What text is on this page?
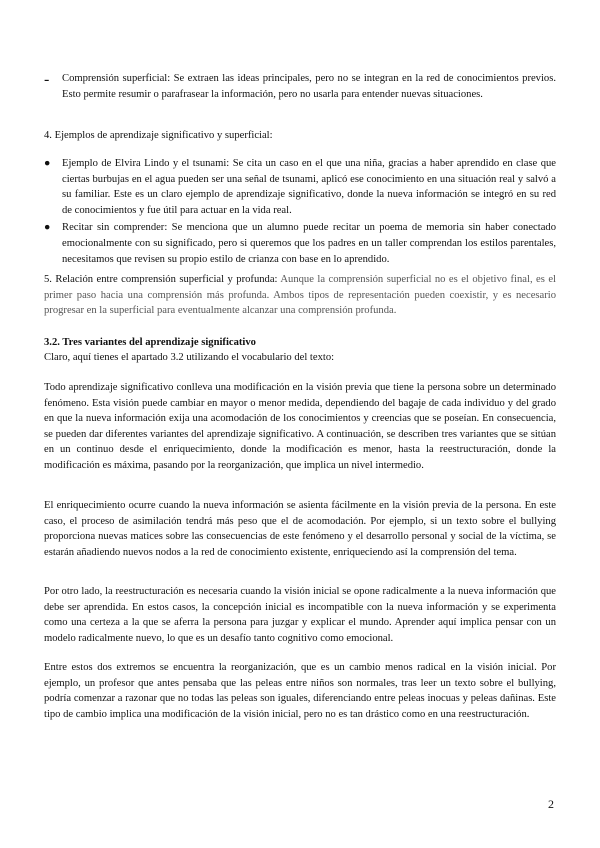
- Comprensión superficial: Se extraen las ideas principales, pero no se integran en la red de conocimientos previos. Esto permite resumir o parafrasear la información, pero no usarla para entender nuevas situaciones.

4. Ejemplos de aprendizaje significativo y superficial:

● Ejemplo de Elvira Lindo y el tsunami: Se cita un caso en el que una niña, gracias a haber aprendido en clase que ciertas burbujas en el agua pueden ser una señal de tsunami, aplicó ese conocimiento en una situación real y salvó a su familiar. Este es un claro ejemplo de aprendizaje significativo, donde la nueva información se integró en su red de conocimientos y fue útil para actuar en la vida real.
● Recitar sin comprender: Se menciona que un alumno puede recitar un poema de memoria sin haber conectado emocionalmente con su significado, pero si queremos que los padres en un taller comprendan los estilos parentales, necesitamos que revisen su propio estilo de crianza con base en lo aprendido.

5. Relación entre comprensión superficial y profunda: Aunque la comprensión superficial no es el objetivo final, es el primer paso hacia una comprensión más profunda. Ambos tipos de representación pueden coexistir, y es necesario progresar en la superficial para eventualmente alcanzar una comprensión profunda.

3.2. Tres variantes del aprendizaje significativo

Claro, aquí tienes el apartado 3.2 utilizando el vocabulario del texto:

Todo aprendizaje significativo conlleva una modificación en la visión previa que tiene la persona sobre un determinado fenómeno. Esta visión puede cambiar en mayor o menor medida, dependiendo del bagaje de cada individuo y del grado en que la nueva información exija una acomodación de los conocimientos y creencias que se poseían. En consecuencia, se pueden dar diferentes variantes del aprendizaje significativo. A continuación, se describen tres variantes que se sitúan en un continuo desde el enriquecimiento, donde la modificación es menor, hasta la reestructuración, donde la modificación es máxima, pasando por la reorganización, que implica un nivel intermedio.

El enriquecimiento ocurre cuando la nueva información se asienta fácilmente en la visión previa de la persona. En este caso, el proceso de asimilación tendrá más peso que el de acomodación. Por ejemplo, si un texto sobre el bullying proporciona nuevas matices sobre las consecuencias de este fenómeno y el desarrollo personal y social de la víctima, se estarán añadiendo nuevos nodos a la red de conocimiento existente, enriqueciendo así la comprensión del tema.

Por otro lado, la reestructuración es necesaria cuando la visión inicial se opone radicalmente a la nueva información que debe ser aprendida. En estos casos, la concepción inicial es incompatible con la nueva información y se experimenta como una certeza a la que se aferra la persona para juzgar y explicar el mundo. Aprender aquí implica pensar con un modelo radicalmente nuevo, lo que es un desafío tanto cognitivo como emocional.

Entre estos dos extremos se encuentra la reorganización, que es un cambio menos radical en la visión inicial. Por ejemplo, un profesor que antes pensaba que las peleas entre niños son normales, tras leer un texto sobre el bullying, podría comenzar a razonar que no todas las peleas son iguales, diferenciando entre peleas inocuas y peleas dañinas. Este tipo de cambio implica una modificación de la visión inicial, pero no es tan drástico como en una reestructuración.

2
